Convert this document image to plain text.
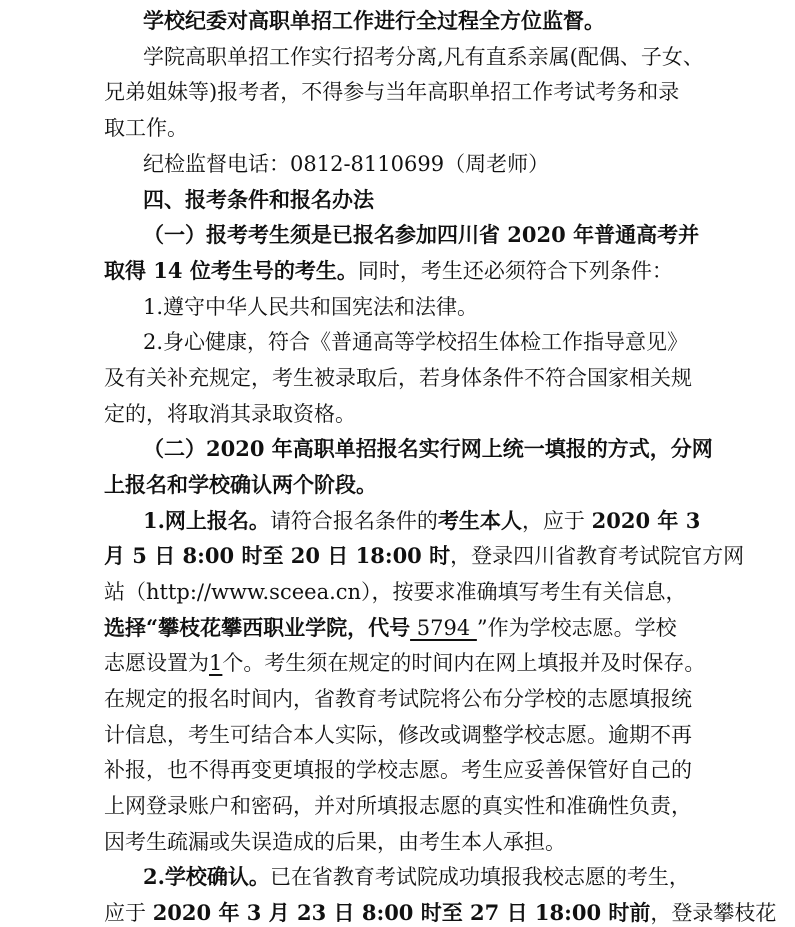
学校纪委对高职单招工作进行全过程全方位监督。
学院高职单招工作实行招考分离,凡有直系亲属(配偶、子女、
兄弟姐妹等)报考者，不得参与当年高职单招工作考试考务和录
取工作。
纪检监督电话：0812-8110699（周老师）
四、报考条件和报名办法
（一）报考考生须是已报名参加四川省 2020 年普通高考并
取得 14 位考生号的考生。同时，考生还必须符合下列条件：
1.遵守中华人民共和国宪法和法律。
2.身心健康，符合《普通高等学校招生体检工作指导意见》
及有关补充规定，考生被录取后，若身体条件不符合国家相关规
定的，将取消其录取资格。
（二）2020 年高职单招报名实行网上统一填报的方式，分网
上报名和学校确认两个阶段。
1.网上报名。请符合报名条件的考生本人，应于 2020 年 3
月 5 日 8:00 时至 20 日 18:00 时，登录四川省教育考试院官方网
站（http://www.sceea.cn），按要求准确填写考生有关信息，
选择“攀枝花攀西职业学院，代号 5794 ”作为学校志愿。学校
志愿设置为1个。考生须在规定的时间内在网上填报并及时保存。
在规定的报名时间内，省教育考试院将公布分学校的志愿填报统
计信息，考生可结合本人实际，修改或调整学校志愿。逾期不再
补报，也不得再变更填报的学校志愿。考生应妥善保管好自己的
上网登录账户和密码，并对所填报志愿的真实性和准确性负责，
因考生疏漏或失误造成的后果，由考生本人承担。
2.学校确认。已在省教育考试院成功填报我校志愿的考生，
应于 2020 年 3 月 23 日 8:00 时至 27 日 18:00 时前，登录攀枝花
